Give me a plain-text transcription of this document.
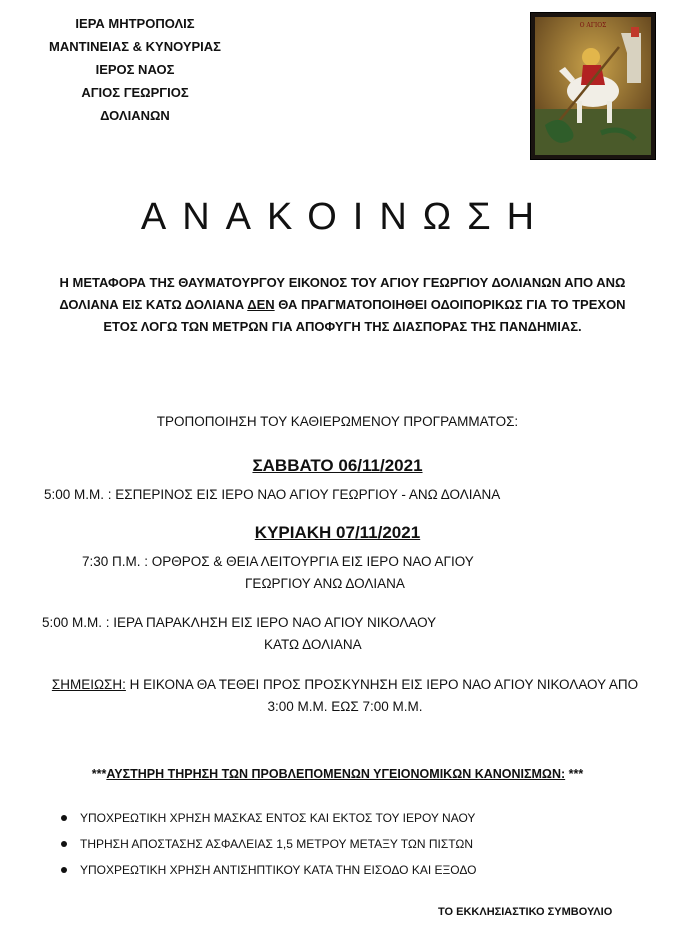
ΙΕΡΑ ΜΗΤΡΟΠΟΛΙΣ
ΜΑΝΤΙΝΕΙΑΣ & ΚΥΝΟΥΡΙΑΣ
ΙΕΡΟΣ ΝΑΟΣ
ΑΓΙΟΣ ΓΕΩΡΓΙΟΣ
ΔΟΛΙΑΝΩΝ
Ο ΑΓΙΟΣ
ΑΝΑΚΟΙΝΩΣΗ
Η ΜΕΤΑΦΟΡΑ ΤΗΣ ΘΑΥΜΑΤΟΥΡΓΟΥ ΕΙΚΟΝΟΣ ΤΟΥ ΑΓΙΟΥ ΓΕΩΡΓΙΟΥ ΔΟΛΙΑΝΩΝ ΑΠΟ ΑΝΩ ΔΟΛΙΑΝΑ ΕΙΣ ΚΑΤΩ ΔΟΛΙΑΝΑ ΔΕΝ ΘΑ ΠΡΑΓΜΑΤΟΠΟΙΗΘΕΙ ΟΔΟΙΠΟΡΙΚΩΣ ΓΙΑ ΤΟ ΤΡΕΧΟΝ ΕΤΟΣ ΛΟΓΩ ΤΩΝ ΜΕΤΡΩΝ ΓΙΑ ΑΠΟΦΥΓΗ ΤΗΣ ΔΙΑΣΠΟΡΑΣ ΤΗΣ ΠΑΝΔΗΜΙΑΣ.
ΤΡΟΠΟΠΟΙΗΣΗ ΤΟΥ ΚΑΘΙΕΡΩΜΕΝΟΥ ΠΡΟΓΡΑΜΜΑΤΟΣ:
ΣΑΒΒΑΤΟ 06/11/2021
5:00 Μ.Μ. : ΕΣΠΕΡΙΝΟΣ ΕΙΣ ΙΕΡΟ ΝΑΟ ΑΓΙΟΥ ΓΕΩΡΓΙΟΥ - ΑΝΩ ΔΟΛΙΑΝΑ
ΚΥΡΙΑΚΗ 07/11/2021
7:30 Π.Μ. : ΟΡΘΡΟΣ & ΘΕΙΑ ΛΕΙΤΟΥΡΓΙΑ ΕΙΣ ΙΕΡΟ ΝΑΟ ΑΓΙΟΥ
ΓΕΩΡΓΙΟΥ ΑΝΩ ΔΟΛΙΑΝΑ
5:00 Μ.Μ. : ΙΕΡΑ ΠΑΡΑΚΛΗΣΗ ΕΙΣ ΙΕΡΟ ΝΑΟ ΑΓΙΟΥ ΝΙΚΟΛΑΟΥ
ΚΑΤΩ ΔΟΛΙΑΝΑ
ΣΗΜΕΙΩΣΗ: Η ΕΙΚΟΝΑ ΘΑ ΤΕΘΕΙ ΠΡΟΣ ΠΡΟΣΚΥΝΗΣΗ ΕΙΣ ΙΕΡΟ ΝΑΟ ΑΓΙΟΥ ΝΙΚΟΛΑΟΥ ΑΠΟ 3:00 Μ.Μ. ΕΩΣ 7:00 Μ.Μ.
***ΑΥΣΤΗΡΗ ΤΗΡΗΣΗ ΤΩΝ ΠΡΟΒΛΕΠΟΜΕΝΩΝ ΥΓΕΙΟΝΟΜΙΚΩΝ ΚΑΝΟΝΙΣΜΩΝ: ***
ΥΠΟΧΡΕΩΤΙΚΗ ΧΡΗΣΗ ΜΑΣΚΑΣ ΕΝΤΟΣ ΚΑΙ ΕΚΤΟΣ ΤΟΥ ΙΕΡΟΥ ΝΑΟΥ
ΤΗΡΗΣΗ ΑΠΟΣΤΑΣΗΣ ΑΣΦΑΛΕΙΑΣ 1,5 ΜΕΤΡΟΥ ΜΕΤΑΞΥ ΤΩΝ ΠΙΣΤΩΝ
ΥΠΟΧΡΕΩΤΙΚΗ ΧΡΗΣΗ ΑΝΤΙΣΗΠΤΙΚΟΥ ΚΑΤΑ ΤΗΝ ΕΙΣΟΔΟ ΚΑΙ ΕΞΟΔΟ
ΤΟ ΕΚΚΛΗΣΙΑΣΤΙΚΟ ΣΥΜΒΟΥΛΙΟ
